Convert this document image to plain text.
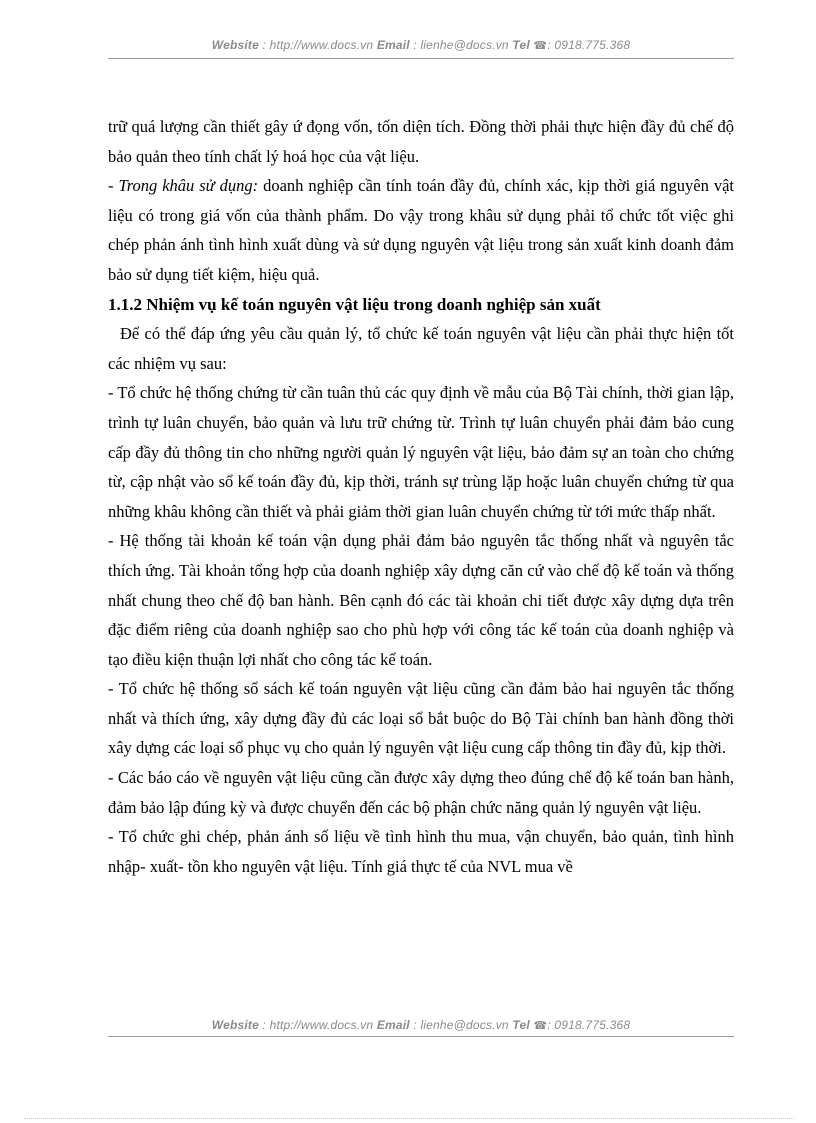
Website : http://www.docs.vn Email : lienhe@docs.vn Tel ☎: 0918.775.368

trữ quá lượng cần thiết gây ứ đọng vốn, tốn diện tích. Đồng thời phải thực hiện đầy đủ chế độ bảo quản theo tính chất lý hoá học của vật liệu.

- Trong khâu sử dụng: doanh nghiệp cần tính toán đầy đủ, chính xác, kịp thời giá nguyên vật liệu có trong giá vốn của thành phẩm. Do vậy trong khâu sử dụng phải tổ chức tốt việc ghi chép phản ánh tình hình xuất dùng và sử dụng nguyên vật liệu trong sản xuất kinh doanh đảm bảo sử dụng tiết kiệm, hiệu quả.

1.1.2 Nhiệm vụ kế toán nguyên vật liệu trong doanh nghiệp sản xuất

Để có thể đáp ứng yêu cầu quản lý, tổ chức kế toán nguyên vật liệu cần phải thực hiện tốt các nhiệm vụ sau:

- Tổ chức hệ thống chứng từ cần tuân thủ các quy định về mẫu của Bộ Tài chính, thời gian lập, trình tự luân chuyển, bảo quản và lưu trữ chứng từ. Trình tự luân chuyển phải đảm bảo cung cấp đầy đủ thông tin cho những người quản lý nguyên vật liệu, bảo đảm sự an toàn cho chứng từ, cập nhật vào sổ kế toán đầy đủ, kịp thời, tránh sự trùng lặp hoặc luân chuyển chứng từ qua những khâu không cần thiết và phải giảm thời gian luân chuyển chứng từ tới mức thấp nhất.

- Hệ thống tài khoản kế toán vận dụng phải đảm bảo nguyên tắc thống nhất và nguyên tắc thích ứng. Tài khoản tổng hợp của doanh nghiệp xây dựng căn cứ vào chế độ kế toán và thống nhất chung theo chế độ ban hành. Bên cạnh đó các tài khoản chi tiết được xây dựng dựa trên đặc điểm riêng của doanh nghiệp sao cho phù hợp với công tác kế toán của doanh nghiệp và tạo điều kiện thuận lợi nhất cho công tác kế toán.

- Tổ chức hệ thống sổ sách kế toán nguyên vật liệu cũng cần đảm bảo hai nguyên tắc thống nhất và thích ứng, xây dựng đầy đủ các loại sổ bắt buộc do Bộ Tài chính ban hành đồng thời xây dựng các loại sổ phục vụ cho quản lý nguyên vật liệu cung cấp thông tin đầy đủ, kịp thời.

- Các báo cáo về nguyên vật liệu cũng cần được xây dựng theo đúng chế độ kế toán ban hành, đảm bảo lập đúng kỳ và được chuyển đến các bộ phận chức năng quản lý nguyên vật liệu.

- Tổ chức ghi chép, phản ánh số liệu về tình hình thu mua, vận chuyển, bảo quản, tình hình nhập- xuất- tồn kho nguyên vật liệu. Tính giá thực tế của NVL mua về

Website : http://www.docs.vn Email : lienhe@docs.vn Tel ☎: 0918.775.368
